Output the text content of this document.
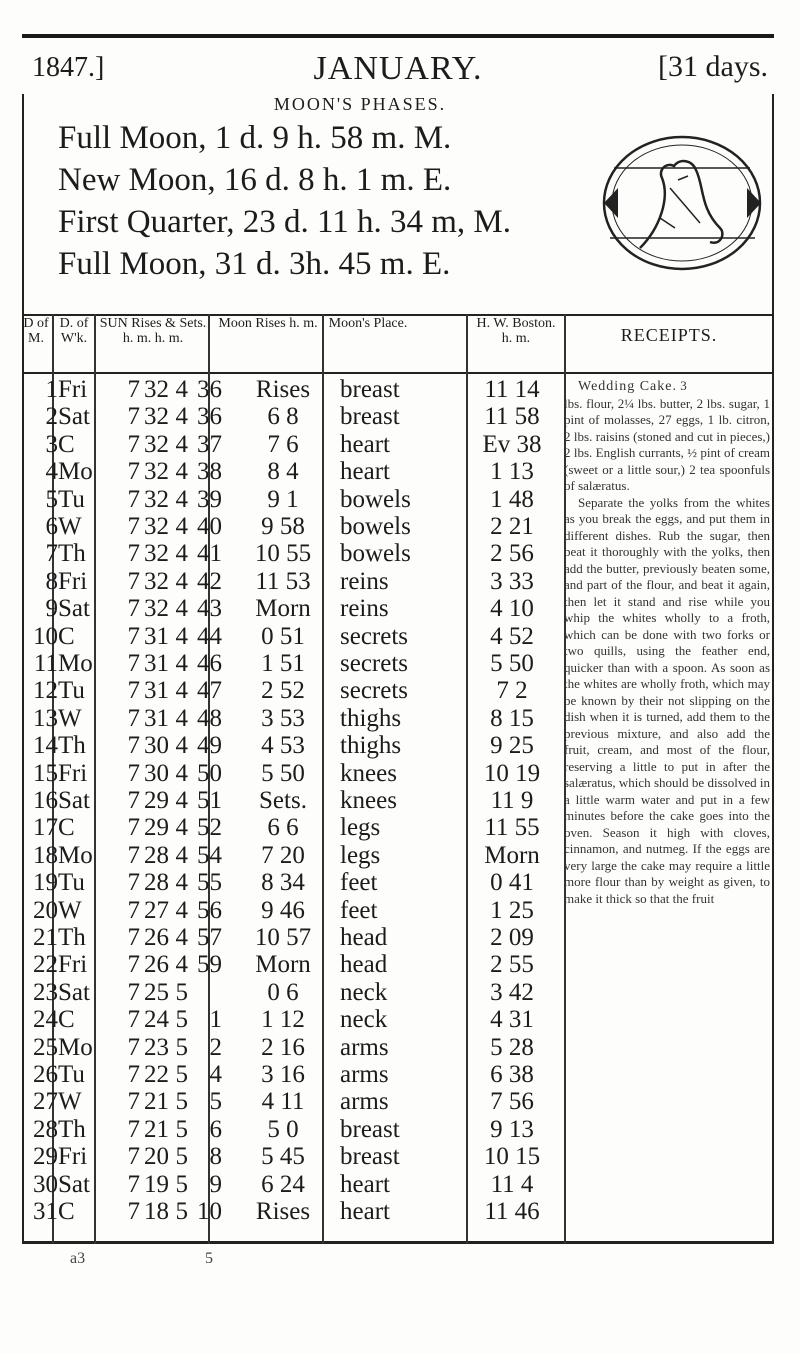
1847.]	JANUARY.	[31 days.
MOON'S PHASES.
Full Moon, 1 d. 9 h. 58 m. M.
New Moon, 16 d. 8 h. 1 m. E.
First Quarter, 23 d. 11 h. 34 m, M.
Full Moon, 31 d. 3h. 45 m. E.
D of M.
D. of W'k.
SUN Rises & Sets. h. m. h. m.
Moon Rises h. m. Moon's Place.	H. W. Boston. h. m.	RECEIPTS.
1 Fri	7 32 4 36	Rises	breast	11 14
2 Sat	7 32 4 36	6 8	breast	11 58
3 C	7 32 4 37	7 6	heart	Ev 38
4 Mo	7 32 4 38	8 4	heart	1 13
5 Tu	7 32 4 39	9 1	bowels	1 48
6 W	7 32 4 40	9 58	bowels	2 21
7 Th	7 32 4 41	10 55	bowels	2 56
8 Fri	7 32 4 42	11 53	reins	3 33
9 Sat	7 32 4 43	Morn	reins	4 10
10 C	7 31 4 44	0 51	secrets	4 52
11 Mo	7 31 4 46	1 51	secrets	5 50
12 Tu	7 31 4 47	2 52	secrets	7 2
13 W	7 31 4 48	3 53	thighs	8 15
14 Th	7 30 4 49	4 53	thighs	9 25
15 Fri	7 30 4 50	5 50	knees	10 19
16 Sat	7 29 4 51	Sets.	knees	11 9
17 C	7 29 4 52	6 6	legs	11 55
18 Mo	7 28 4 54	7 20	legs	Morn
19 Tu	7 28 4 55	8 34	feet	0 41
20 W	7 27 4 56	9 46	feet	1 25
21 Th	7 26 4 57	10 57	head	2 09
22 Fri	7 26 4 59	Morn	head	2 55
23 Sat	7 25 5	0 6	neck	3 42
24 C	7 24 5 1	1 12	neck	4 31
25 Mo	7 23 5 2	2 16	arms	5 28
26 Tu	7 22 5 4	3 16	arms	6 38
27 W	7 21 5 5	4 11	arms	7 56
28 Th	7 21 5 6	5 0	breast	9 13
29 Fri	7 20 5 8	5 45	breast	10 15
30 Sat	7 19 5 9	6 24	heart	11 4
31 C	7 18 5 10	Rises	heart	11 46

Wedding Cake. 3

lbs. flour, 2¼ lbs. butter, 2 lbs. sugar, 1 pint of molasses, 27 eggs, 1 lb. citron, 2 lbs. raisins (stoned and cut in pieces,) 2 lbs. English currants, ½ pint of cream (sweet or a little sour,) 2 tea spoonfuls of salæratus.

Separate the yolks from the whites as you break the eggs, and put them in different dishes. Rub the sugar, then beat it thoroughly with the yolks, then add the butter, previously beaten some, and part of the flour, and beat it again, then let it stand and rise while you whip the whites wholly to a froth, which can be done with two forks or two quills, using the feather end, quicker than with a spoon. As soon as the whites are wholly froth, which may be known by their not slipping on the dish when it is turned, add them to the previous mixture, and also add the fruit, cream, and most of the flour, reserving a little to put in after the salæratus, which should be dissolved in a little warm water and put in a few minutes before the cake goes into the oven. Season it high with cloves, cinnamon, and nutmeg. If the eggs are very large the cake may require a little more flour than by weight as given, to make it thick so that the fruit

a3	5
